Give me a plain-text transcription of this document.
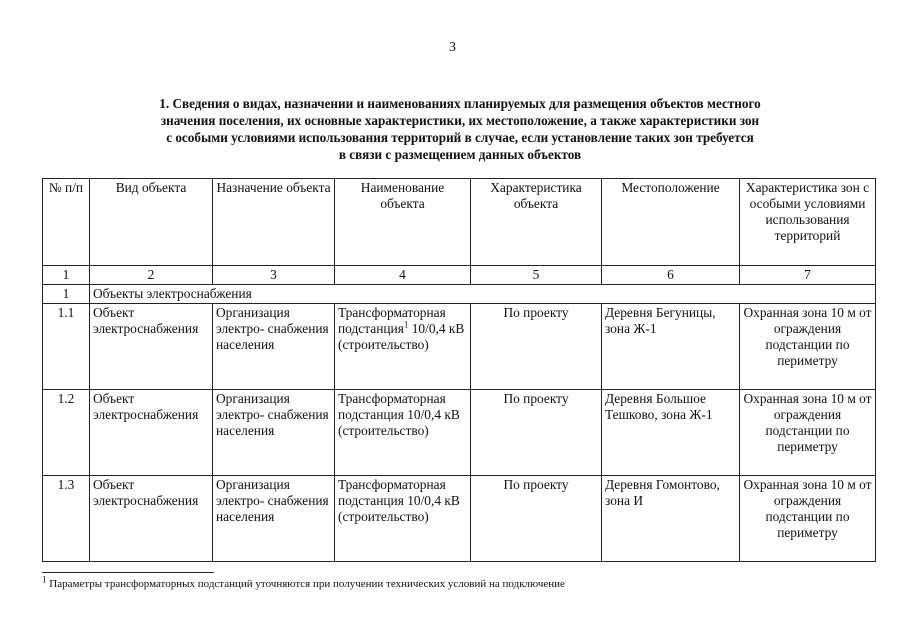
3
1. Сведения о видах, назначении и наименованиях планируемых для размещения объектов местного
значения поселения, их основные характеристики, их местоположение, а также характеристики зон
с особыми условиями использования территорий в случае, если установление таких зон требуется
в связи с размещением данных объектов
№ п/п	Вид объекта	Назначение объекта	Наименование объекта	Характеристика объекта	Местоположение	Характеристика зон с особыми условиями использования территорий
1	2	3	4	5	6	7
1	Объекты электроснабжения					
1.1	Объект электроснабжения	Организация электро- снабжения населения	Трансформаторная подстанция$^1$ 10/0,4 кВ (строительство)	По проекту	Деревня Бегуницы, зона Ж-1	Охранная зона 10 м от ограждения подстанции по периметру
1.2	Объект электроснабжения	Организация электро- снабжения населения	Трансформаторная подстанция 10/0,4 кВ (строительство)	По проекту	Деревня Большое Тешково, зона Ж-1	Охранная зона 10 м от ограждения подстанции по периметру
1.3	Объект электроснабжения	Организация электро- снабжения населения	Трансформаторная подстанция 10/0,4 кВ (строительство)	По проекту	Деревня Гомонтово, зона И	Охранная зона 10 м от ограждения подстанции по периметру
$^1$ Параметры трансформаторных подстанций уточняются при получении технических условий на подключение
